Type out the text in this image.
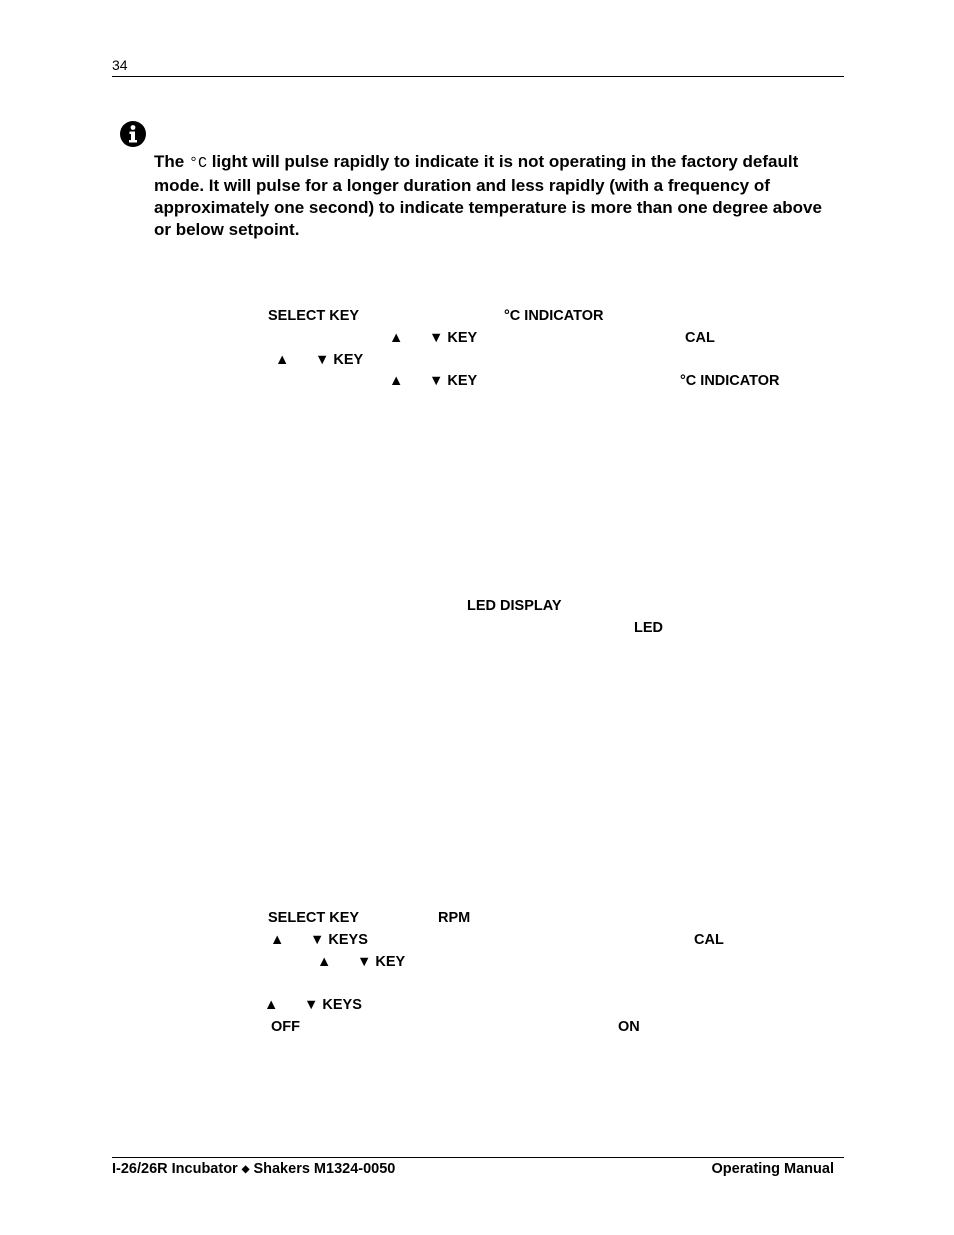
34
The °C light will pulse rapidly to indicate it is not operating in the factory default mode. It will pulse for a longer duration and less rapidly (with a frequency of approximately one second) to indicate temperature is more than one degree above or below setpoint.
SELECT KEY	°C INDICATOR
▲ ▼ KEY	CAL
▲ ▼ KEY
▲ ▼ KEY	°C INDICATOR
LED DISPLAY
LED
SELECT KEY	RPM
▲ ▼ KEYS	CAL
▲ ▼ KEY
▲ ▼ KEYS
OFF	ON
I-26/26R Incubator ◆ Shakers M1324-0050	Operating Manual
